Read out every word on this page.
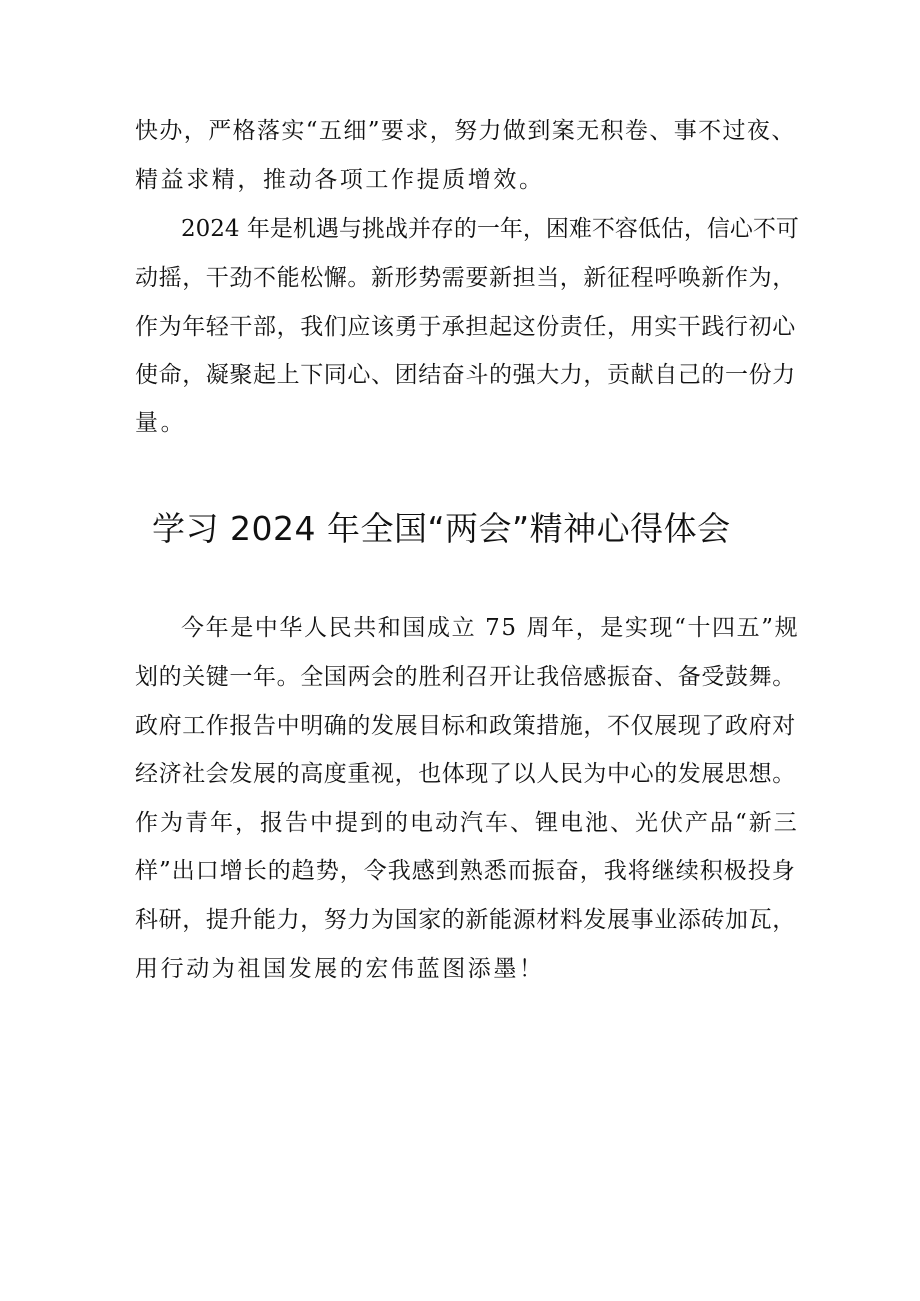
快办，严格落实“五细”要求，努力做到案无积卷、事不过夜、
精益求精，推动各项工作提质增效。
2024 年是机遇与挑战并存的一年，困难不容低估，信心不可
动摇，干劲不能松懈。新形势需要新担当，新征程呼唤新作为，
作为年轻干部，我们应该勇于承担起这份责任，用实干践行初心
使命，凝聚起上下同心、团结奋斗的强大力，贡献自己的一份力
量。
学习 2024 年全国“两会”精神心得体会
今年是中华人民共和国成立 75 周年，是实现“十四五”规
划的关键一年。全国两会的胜利召开让我倍感振奋、备受鼓舞。
政府工作报告中明确的发展目标和政策措施，不仅展现了政府对
经济社会发展的高度重视，也体现了以人民为中心的发展思想。
作为青年，报告中提到的电动汽车、锂电池、光伏产品“新三
样”出口增长的趋势，令我感到熟悉而振奋，我将继续积极投身
科研，提升能力，努力为国家的新能源材料发展事业添砖加瓦，
用行动为祖国发展的宏伟蓝图添墨！
